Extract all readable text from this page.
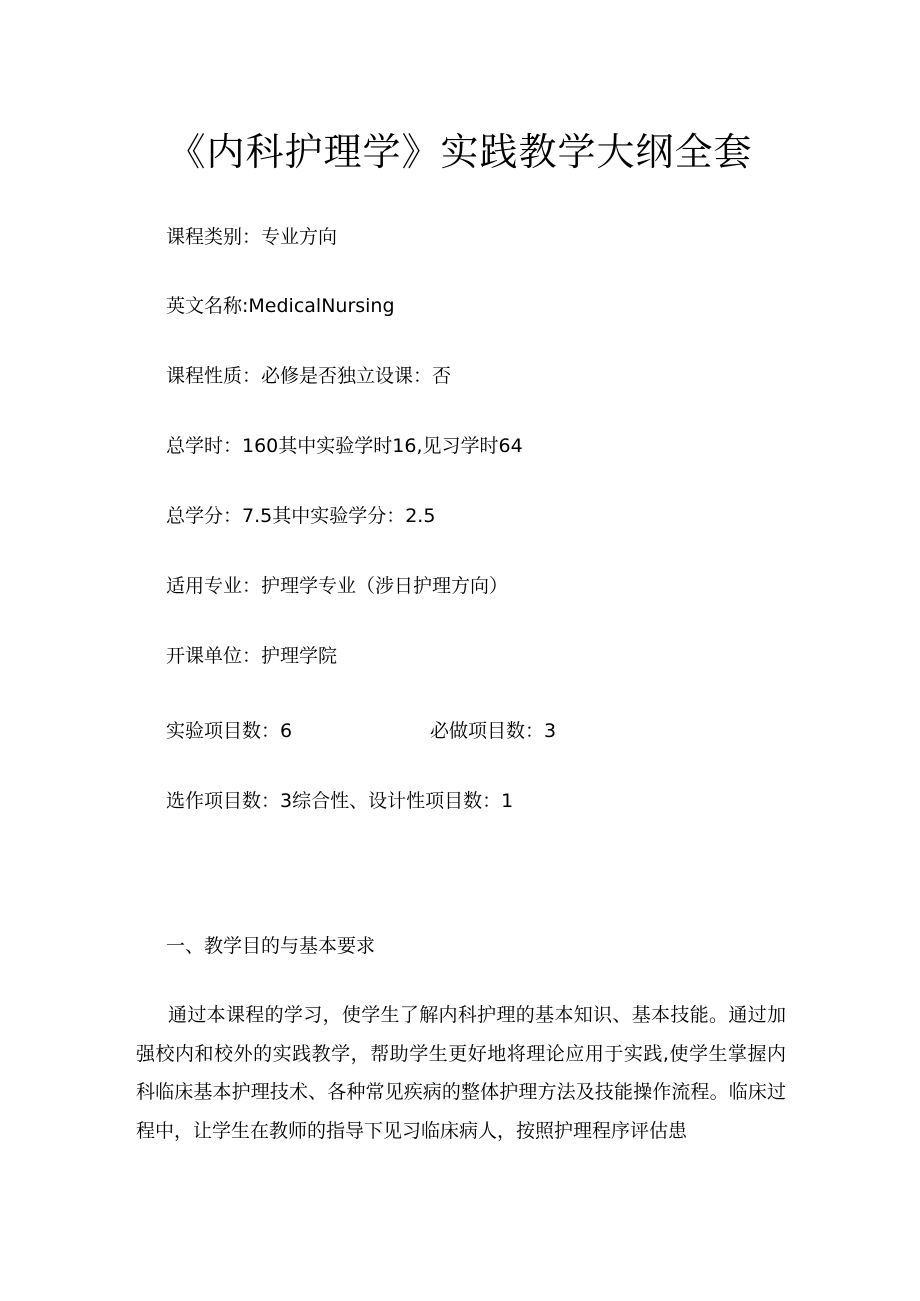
《内科护理学》实践教学大纲全套
课程类别：专业方向
英文名称:MedicalNursing
课程性质：必修是否独立设课：否
总学时：160其中实验学时16,见习学时64
总学分：7.5其中实验学分：2.5
适用专业：护理学专业（涉日护理方向）
开课单位：护理学院
实验项目数：6	必做项目数：3
选作项目数：3综合性、设计性项目数：1
一、教学目的与基本要求

通过本课程的学习，使学生了解内科护理的基本知识、基本技能。通过加强校内和校外的实践教学，帮助学生更好地将理论应用于实践,使学生掌握内科临床基本护理技术、各种常见疾病的整体护理方法及技能操作流程。临床过程中，让学生在教师的指导下见习临床病人，按照护理程序评估患
